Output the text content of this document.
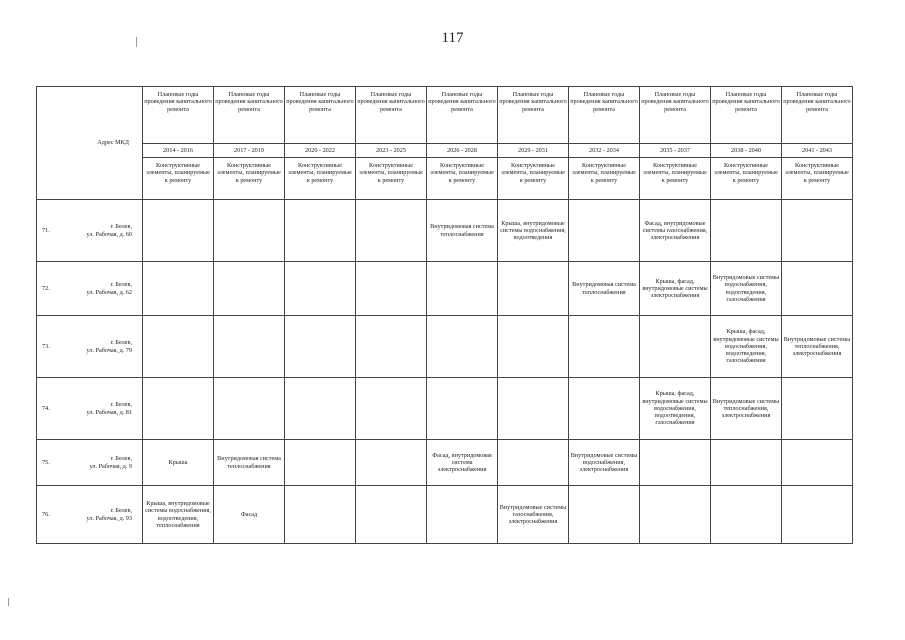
117
	Адрес МКД	Плановые годы проведения капитального ремонта	Плановые годы проведения капитального ремонта	Плановые годы проведения капитального ремонта	Плановые годы проведения капитального ремонта	Плановые годы проведения капитального ремонта	Плановые годы проведения капитального ремонта	Плановые годы проведения капитального ремонта	Плановые годы проведения капитального ремонта	Плановые годы проведения капитального ремонта	Плановые годы проведения капитального ремонта
		2014 - 2016	2017 - 2019	2020 - 2022	2023 - 2025	2026 - 2028	2029 - 2031	2032 - 2034	2035 - 2037	2038 - 2040	2041 - 2043
		Конструктивные элементы, планируемые к ремонту	Конструктивные элементы, планируемые к ремонту	Конструктивные элементы, планируемые к ремонту	Конструктивные элементы, планируемые к ремонту	Конструктивные элементы, планируемые к ремонту	Конструктивные элементы, планируемые к ремонту	Конструктивные элементы, планируемые к ремонту	Конструктивные элементы, планируемые к ремонту	Конструктивные элементы, планируемые к ремонту	Конструктивные элементы, планируемые к ремонту
71.	г. Белев,
ул. Рабочая, д. 60					Внутридомовая система теплоснабжения	Крыша, внутридомовые системы водоснабжения, водоотведения		Фасад, внутридомовые системы газоснабжения, электроснабжения		
72.	г. Белев,
ул. Рабочая, д. 62							Внутридомовая система теплоснабжения	Крыша, фасад, внутридомовые системы электроснабжения	Внутридомовые системы водоснабжения, водоотведения, газоснабжения	
73.	г. Белев,
ул. Рабочая, д. 79									Крыша, фасад, внутридомовые системы водоснабжения, водоотведения, газоснабжения	Внутридомовые системы теплоснабжения, электроснабжения
74.	г. Белев,
ул. Рабочая, д. 81								Крыша, фасад, внутридомовые системы водоснабжения, водоотведения, газоснабжения	Внутридомовые системы теплоснабжения, электроснабжения	
75.	г. Белев,
ул. Рабочая, д. 9	Крыша	Внутридомовая система теплоснабжения			Фасад, внутридомовая система электроснабжения		Внутридомовые системы водоснабжения, электроснабжения			
76.	г. Белев,
ул. Рабочая, д. 93	Крыша, внутридомовые системы водоснабжения, водоотведения, теплоснабжения	Фасад				Внутридомовые системы газоснабжения, электроснабжения				
